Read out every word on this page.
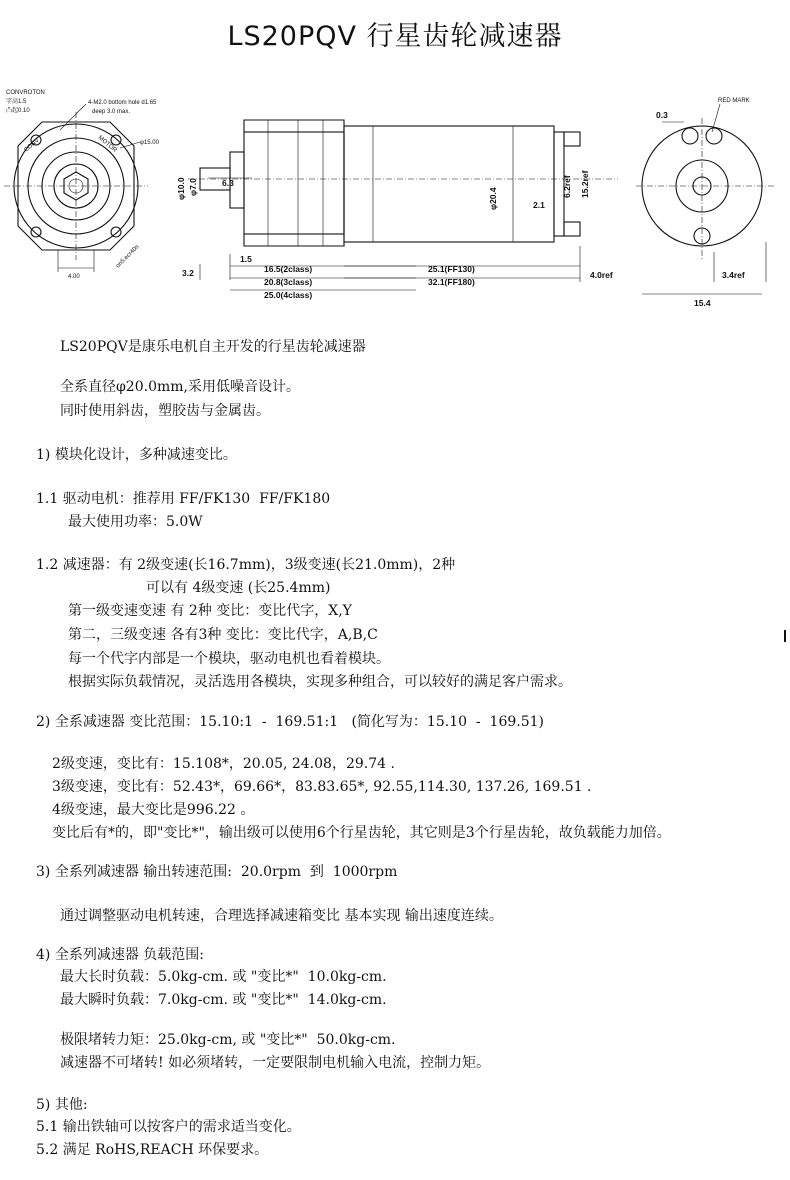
LS20PQV 行星齿轮减速器
CONVROTON
字高1.5
凸起0.10
4-M2.0 bottom hole d1.65
deep 3.0 max.
φ15.00
CONV	MOTOR
4.00
on5.ecr40s
φ10.0 φ7.0	6.3
φ20.4	2.1
6.2ref 15.2ref
3.2
1.5
16.5(2class)
20.8(3class)
25.0(4class)
25.1(FF130)
32.1(FF180)
4.0ref
RED MARK
0.3
3.4ref
15.4
LS20PQV是康乐电机自主开发的行星齿轮减速器
全系直径φ20.0mm,采用低噪音设计。
同时使用斜齿，塑胶齿与金属齿。
1) 模块化设计，多种减速变比。
1.1 驱动电机：推荐用 FF/FK130  FF/FK180
最大使用功率：5.0W
1.2 减速器：有 2级变速(长16.7mm)，3级变速(长21.0mm)，2种
可以有 4级变速 (长25.4mm)
第一级变速变速 有 2种 变比：变比代字，X,Y
第二，三级变速 各有3种 变比：变比代字，A,B,C
每一个代字内部是一个模块，驱动电机也看着模块。
根据实际负载情况，灵活选用各模块，实现多种组合，可以较好的满足客户需求。
2) 全系减速器 变比范围：15.10:1  -  169.51:1   (简化写为：15.10  -  169.51)
2级变速，变比有：15.108*，20.05, 24.08，29.74 .
3级变速，变比有：52.43*，69.66*，83.83.65*, 92.55,114.30, 137.26, 169.51 .
4级变速，最大变比是996.22 。
变比后有*的，即"变比*"，输出级可以使用6个行星齿轮，其它则是3个行星齿轮，故负载能力加倍。
3) 全系列减速器 输出转速范围:  20.0rpm  到  1000rpm
通过调整驱动电机转速，合理选择减速箱变比 基本实现 输出速度连续。
4) 全系列减速器 负载范围:
最大长时负载：5.0kg-cm. 或 "变比*"  10.0kg-cm.
最大瞬时负载：7.0kg-cm. 或 "变比*"  14.0kg-cm.
极限堵转力矩：25.0kg-cm, 或 "变比*"  50.0kg-cm.
减速器不可堵转! 如必须堵转，一定要限制电机输入电流，控制力矩。
5) 其他:
5.1 输出铁轴可以按客户的需求适当变化。
5.2 满足 RoHS,REACH 环保要求。
